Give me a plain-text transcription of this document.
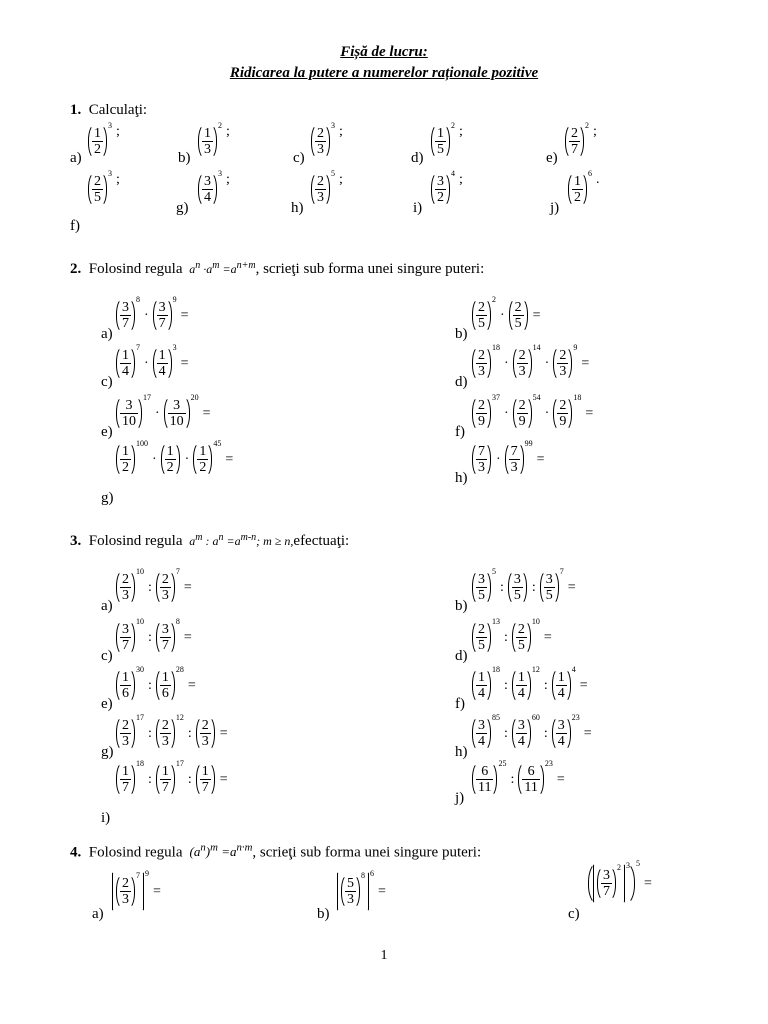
Fișă de lucru:
Ridicarea la putere a numerelor raționale pozitive
1. Calculaţi:
2. Folosind regula $a^n \cdot a^m =a^{n+m}$, scrieţi sub forma unei singure puteri:
3. Folosind regula $a^m$ : $a^n =a^{m-n}$; m ≥ n,efectuaţi:
4. Folosind regula  $(a^n)^m =a^{n\cdot m}$, scrieţi sub forma unei singure puteri:
a)
$\frac{2}{3}$
$^7$ $^9$
=
b)
$\frac{5}{3}$
$^8$ $^6$
=
c)
$\frac{3}{7}$
$^2$ $^3$ $^5$
=
1
a)
$\frac{1}{2}$
$^3$ ;
b)
$\frac{1}{3}$
$^2$ ;
c)
$\frac{2}{3}$
$^3$ ;
d)
$\frac{1}{5}$
$^2$ ;
e)
$\frac{2}{7}$
$^2$ ;
f)
$\frac{2}{5}$
$^3$ ;
g)
$\frac{3}{4}$
$^3$ ;
h)
$\frac{2}{3}$
$^5$ ;
i)
$\frac{3}{2}$
$^4$ ;
j)
$\frac{1}{2}$
$^6$ .
a)
$\frac{3}{7}$
$^8$
· $\frac{3}{7}$
$^9$
=
b)
$\frac{2}{5}$
$^2$
· $\frac{2}{5}$ =
c)
$\frac{1}{4}$
$^7$
· $\frac{1}{4}$
$^3$
=
d)
$\frac{2}{3}$
$^{18}$
· $\frac{2}{3}$
$^{14}$
· $\frac{2}{3}$
$^9$
=
e)
$\frac{3}{10}$
$^{17}$
· $\frac{3}{10}$
$^{20}$
=
f)
$\frac{2}{9}$
$^{37}$
· $\frac{2}{9}$
$^{54}$
· $\frac{2}{9}$
$^{18}$
=
g)
$\frac{1}{2}$
$^{100}$
· $\frac{1}{2} \cdot \frac{1}{2}$
$^{45}$
=
h)
$\frac{7}{3} \cdot \frac{7}{3}$
$^{99}$
=
a)
$\frac{2}{3}$
$^{10}$
: $\frac{2}{3}$
$^7$
=
b)
$\frac{3}{5}$
$^5$
: $\frac{3}{5}$ : $\frac{3}{5}$
$^7$
=
c)
$\frac{3}{7}$
$^{10}$
: $\frac{3}{7}$
$^8$
=
d)
$\frac{2}{5}$
$^{13}$
: $\frac{2}{5}$
$^{10}$
=
e)
$\frac{1}{6}$
$^{30}$
: $\frac{1}{6}$
$^{28}$
=
f)
$\frac{1}{4}$
$^{18}$
: $\frac{1}{4}$
$^{12}$
: $\frac{1}{4}$
$^4$
=
g)
$\frac{2}{3}$
$^{17}$
: $\frac{2}{3}$
$^{12}$
: $\frac{2}{3}$ =
h)
$\frac{3}{4}$
$^{85}$
: $\frac{3}{4}$
$^{60}$
: $\frac{3}{4}$
$^{23}$
=
i)
$\frac{1}{7}$
$^{18}$
: $\frac{1}{7}$
$^{17}$
: $\frac{1}{7}$ =
j)
$\frac{6}{11}$
$^{25}$
: $\frac{6}{11}$
$^{23}$
=
